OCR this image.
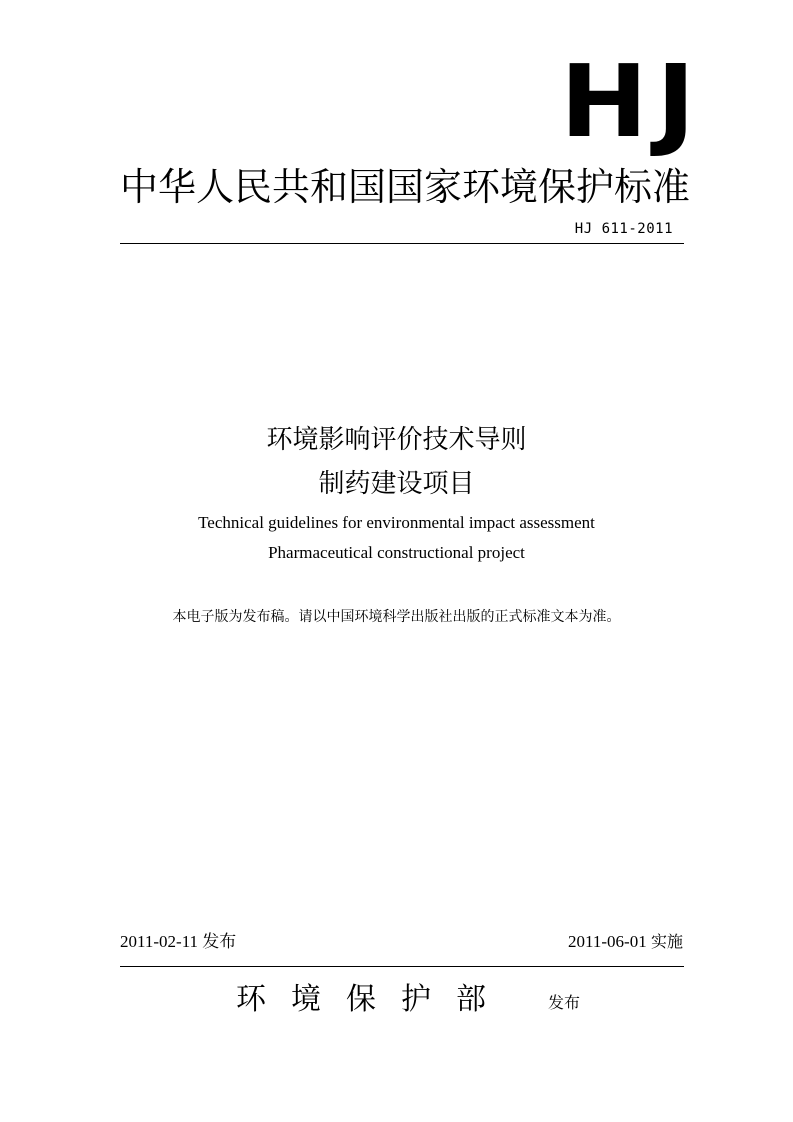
HJ
中华人民共和国国家环境保护标准
HJ 611-2011
环境影响评价技术导则
制药建设项目
Technical guidelines for environmental impact assessment
Pharmaceutical constructional project
本电子版为发布稿。请以中国环境科学出版社出版的正式标准文本为准。
2011-02-11 发布	2011-06-01 实施
环境保护部 发布
